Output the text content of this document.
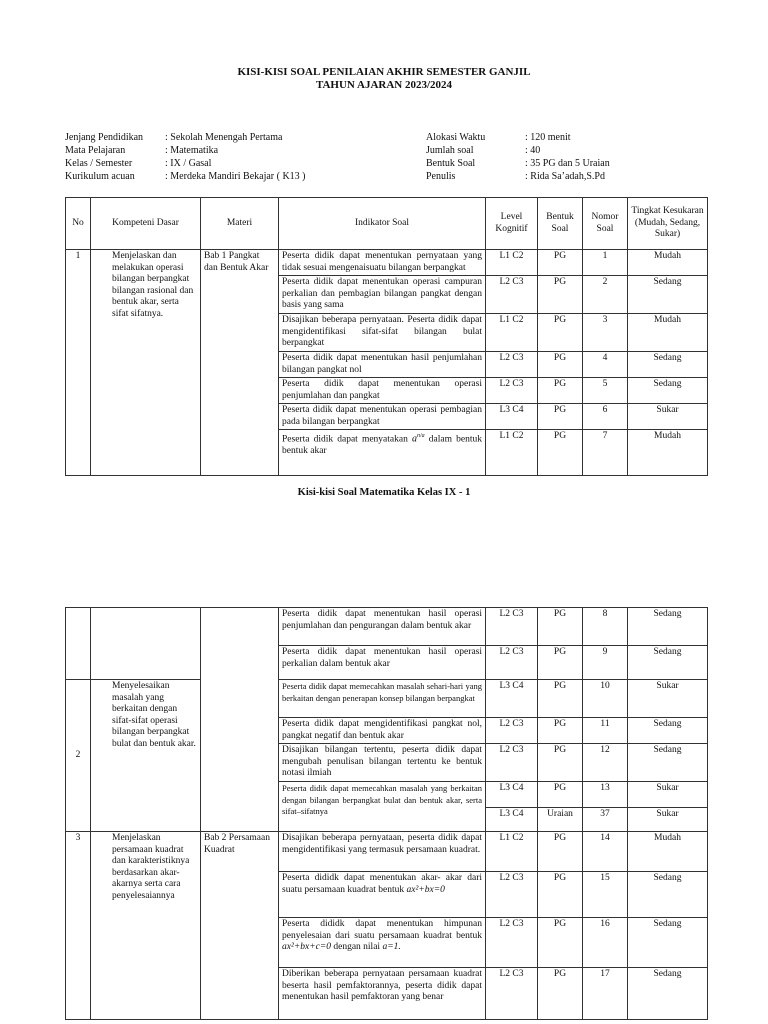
KISI-KISI SOAL PENILAIAN AKHIR SEMESTER GANJIL
TAHUN AJARAN 2023/2024
Jenjang Pendidikan	: Sekolah Menengah Pertama
Mata Pelajaran	: Matematika
Kelas / Semester	: IX / Gasal
Kurikulum acuan	: Merdeka Mandiri Bekajar ( K13 )
Alokasi Waktu	: 120 menit
Jumlah soal	: 40
Bentuk Soal	: 35 PG dan 5 Uraian
Penulis	: Rida Sa’adah,S.Pd
No	Kompeteni Dasar	Materi	Indikator Soal	Level Kognitif	Bentuk Soal	Nomor Soal	Tingkat Kesukaran (Mudah, Sedang, Sukar)
1	Menjelaskan dan melakukan operasi bilangan berpangkat bilangan rasional dan bentuk akar, serta sifat sifatnya.	Bab 1 Pangkat dan Bentuk Akar	Peserta didik dapat menentukan pernyataan yang tidak sesuai mengenaisuatu bilangan berpangkat	L1 C2	PG	1	Mudah
			Peserta didik dapat menentukan operasi campuran perkalian dan pembagian bilangan pangkat dengan basis yang sama	L2 C3	PG	2	Sedang
			Disajikan beberapa pernyataan. Peserta didik dapat mengidentifikasi sifat-sifat bilangan bulat berpangkat	L1 C2	PG	3	Mudah
			Peserta didik dapat menentukan hasil penjumlahan bilangan pangkat nol	L2 C3	PG	4	Sedang
			Peserta didik dapat menentukan operasi penjumlahan dan pangkat	L2 C3	PG	5	Sedang
			Peserta didik dapat menentukan operasi pembagian pada bilangan berpangkat	L3 C4	PG	6	Sukar
			Peserta didik dapat menyatakan $a^{n/a}$ dalam bentuk bentuk akar	L1 C2	PG	7	Mudah
Kisi-kisi Soal Matematika Kelas IX - 1
			Peserta didik dapat menentukan hasil operasi penjumlahan dan pengurangan dalam bentuk akar	L2 C3	PG	8	Sedang
			Peserta didik dapat menentukan hasil operasi perkalian dalam bentuk akar	L2 C3	PG	9	Sedang
2	Menyelesaikan masalah yang berkaitan dengan sifat-sifat operasi bilangan berpangkat bulat dan bentuk akar.		Peserta didik dapat memecahkan masalah sehari-hari yang berkaitan dengan penerapan konsep bilangan berpangkat	L3 C4	PG	10	Sukar
			Peserta didik dapat mengidentifikasi pangkat nol, pangkat negatif dan bentuk akar	L2 C3	PG	11	Sedang
			Disajikan bilangan tertentu, peserta didik dapat mengubah penulisan bilangan tertentu ke bentuk notasi ilmiah	L2 C3	PG	12	Sedang
			Peserta didik dapat memecahkan masalah yang berkaitan dengan bilangan berpangkat bulat dan bentuk akar, serta sifat–sifatnya	L3 C4	PG	13	Sukar
				L3 C4	Uraian	37	Sukar
3	Menjelaskan persamaan kuadrat dan karakteristiknya berdasarkan akar-akarnya serta cara penyelesaiannya	Bab 2 Persamaan Kuadrat	Disajikan beberapa pernyataan, peserta didik dapat mengidentifikasi yang termasuk persamaan kuadrat.	L1 C2	PG	14	Mudah
			Peserta dididk dapat menentukan akar- akar dari suatu persamaan kuadrat bentuk ax²+bx=0	L2 C3	PG	15	Sedang
			Peserta dididk dapat menentukan himpunan penyelesaian dari suatu persamaan kuadrat bentuk ax²+bx+c=0 dengan nilai a=1.	L2 C3	PG	16	Sedang
			Diberikan beberapa pernyataan persamaan kuadrat beserta hasil pemfaktorannya, peserta didik dapat menentukan hasil pemfaktoran yang benar	L2 C3	PG	17	Sedang
